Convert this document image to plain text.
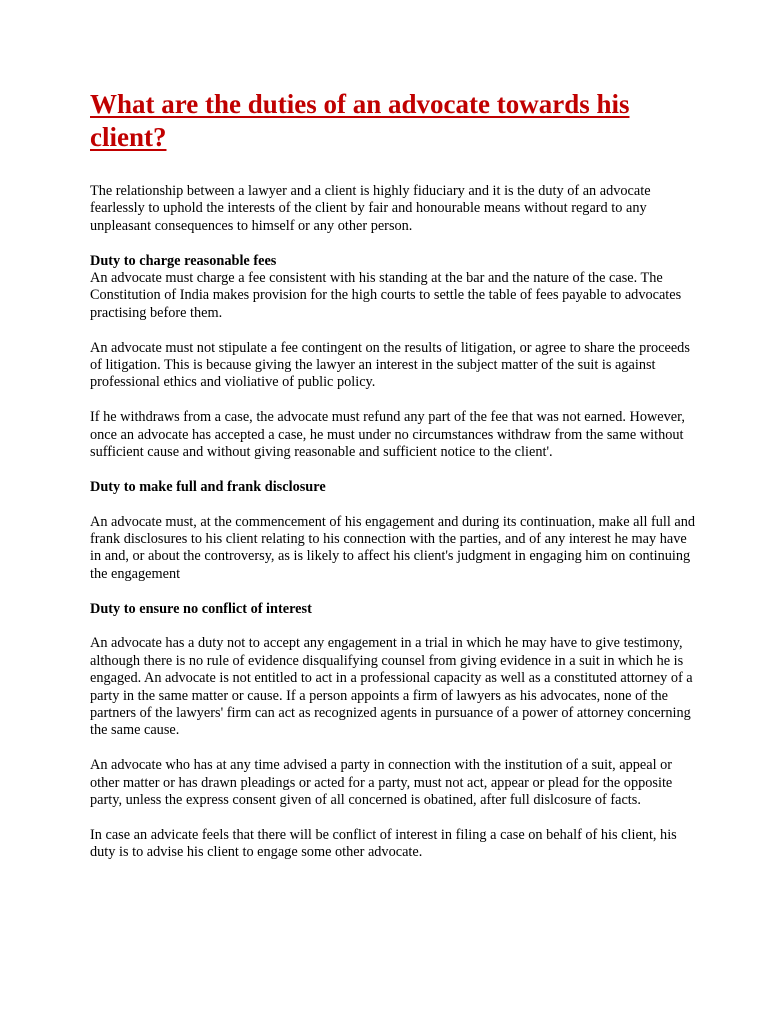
What are the duties of an advocate towards his client?

The relationship between a lawyer and a client is highly fiduciary and it is the duty of an advocate fearlessly to uphold the interests of the client by fair and honourable means without regard to any unpleasant consequences to himself or any other person.

Duty to charge reasonable fees

An advocate must charge a fee consistent with his standing at the bar and the nature of the case. The Constitution of India makes provision for the high courts to settle the table of fees payable to advocates practising before them.

An advocate must not stipulate a fee contingent on the results of litigation, or agree to share the proceeds of litigation. This is because giving the lawyer an interest in the subject matter of the suit is against professional ethics and violiative of public policy.

If he withdraws from a case, the advocate must refund any part of the fee that was not earned. However, once an advocate has accepted a case, he must under no circumstances withdraw from the same without sufficient cause and without giving reasonable and sufficient notice to the client'.

Duty to make full and frank disclosure

An advocate must, at the commencement of his engagement and during its continuation, make all full and frank disclosures to his client relating to his connection with the parties, and of any interest he may have in and, or about the controversy, as is likely to affect his client's judgment in engaging him on continuing the engagement

Duty to ensure no conflict of interest

An advocate has a duty not to accept any engagement in a trial in which he may have to give testimony, although there is no rule of evidence disqualifying counsel from giving evidence in a suit in which he is engaged. An advocate is not entitled to act in a professional capacity as well as a constituted attorney of a party in the same matter or cause. If a person appoints a firm of lawyers as his advocates, none of the partners of the lawyers' firm can act as recognized agents in pursuance of a power of attorney concerning the same cause.

An advocate who has at any time advised a party in connection with the institution of a suit, appeal or other matter or has drawn pleadings or acted for a party, must not act, appear or plead for the opposite party, unless the express consent given of all concerned is obatined, after full dislcosure of facts.

In case an advicate feels that there will be conflict of interest in filing a case on behalf of his client, his duty is to advise his client to engage some other advocate.
